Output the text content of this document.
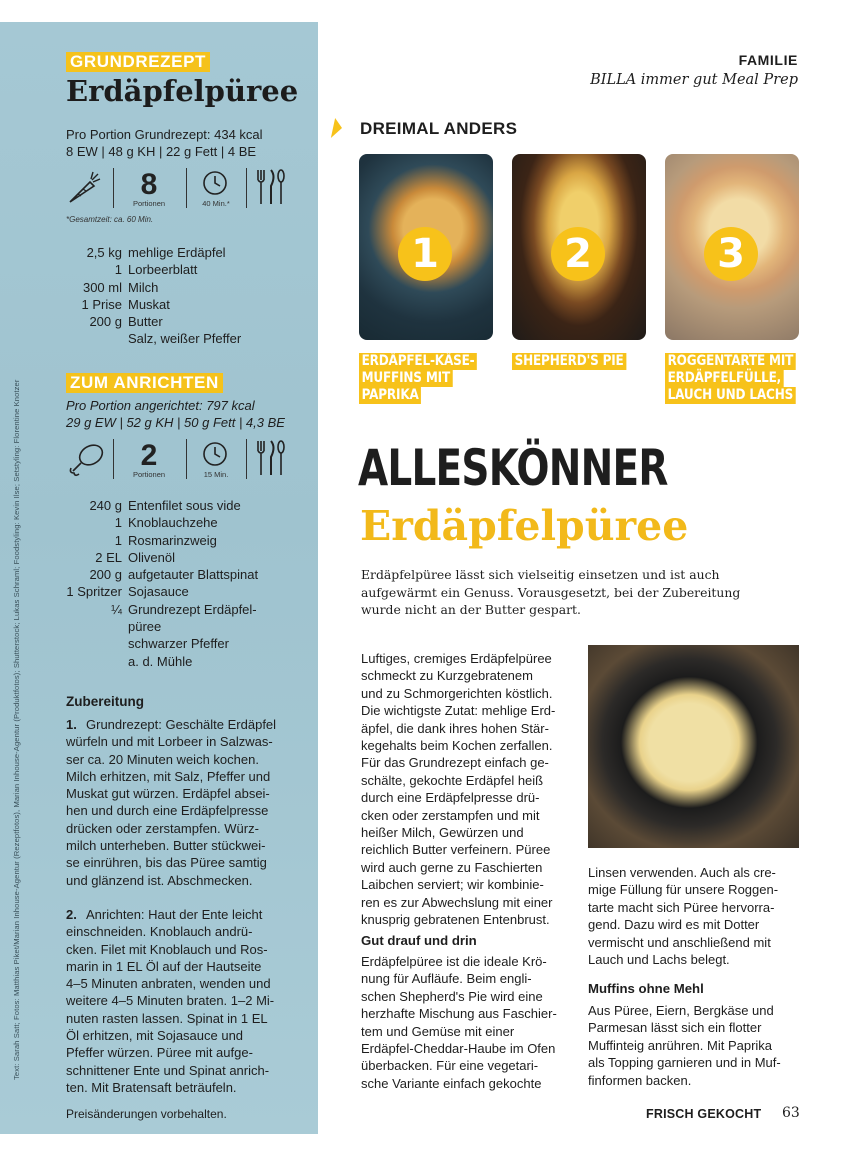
Text: Sarah Satt; Fotos: Matthias Piket/Marian Inhouse-Agentur (Rezeptfotos), Marian Inhouse-Agentur (Produktfotos); Shutterstock; Lukas Schraml; Foodstyling: Kevin Ilse; Setstyling: Florentine Knotzer
GRUNDREZEPT
Erdäpfelpüree
Pro Portion Grundrezept: 434 kcal
8 EW | 48 g KH | 22 g Fett | 4 BE
8
Portionen	40 Min.*
*Gesamtzeit: ca. 60 Min.
2,5 kg mehlige Erdäpfel
1 Lorbeerblatt
300 ml Milch
1 Prise Muskat
200 g Butter
Salz, weißer Pfeffer
ZUM ANRICHTEN
Pro Portion angerichtet: 797 kcal
29 g EW | 52 g KH | 50 g Fett | 4,3 BE
2
Portionen	15 Min.
240 g Entenfilet sous vide
1 Knoblauchzehe
1 Rosmarinzweig
2 EL Olivenöl
200 g aufgetauter Blattspinat
1 Spritzer Sojasauce
¼ Grundrezept Erdäpfel-
püree
schwarzer Pfeffer
a. d. Mühle
Zubereitung
1. Grundrezept: Geschälte Erdäpfel
würfeln und mit Lorbeer in Salzwas-
ser ca. 20 Minuten weich kochen.
Milch erhitzen, mit Salz, Pfeffer und
Muskat gut würzen. Erdäpfel absei-
hen und durch eine Erdäpfelpresse
drücken oder zerstampfen. Würz-
milch unterheben. Butter stückwei-
se einrühren, bis das Püree samtig
und glänzend ist. Abschmecken.
2. Anrichten: Haut der Ente leicht
einschneiden. Knoblauch andrü-
cken. Filet mit Knoblauch und Ros-
marin in 1 EL Öl auf der Hautseite
4–5 Minuten anbraten, wenden und
weitere 4–5 Minuten braten. 1–2 Mi-
nuten rasten lassen. Spinat in 1 EL
Öl erhitzen, mit Sojasauce und
Pfeffer würzen. Püree mit aufge-
schnittener Ente und Spinat anrich-
ten. Mit Bratensaft beträufeln.
Preisänderungen vorbehalten.
FAMILIE
BILLA immer gut Meal Prep
DREIMAL ANDERS
1	2	3
ERDÄPFEL-KÄSE-
MUFFINS MIT
PAPRIKA
SHEPHERD'S PIE	ROGGENTARTE MIT
ERDÄPFELFÜLLE,
LAUCH UND LACHS
ALLESKÖNNER
Erdäpfelpüree
Erdäpfelpüree lässt sich vielseitig einsetzen und ist auch
aufgewärmt ein Genuss. Vorausgesetzt, bei der Zubereitung
wurde nicht an der Butter gespart.
Luftiges, cremiges Erdäpfelpüree
schmeckt zu Kurzgebratenem
und zu Schmorgerichten köstlich.
Die wichtigste Zutat: mehlige Erd-
äpfel, die dank ihres hohen Stär-
kegehalts beim Kochen zerfallen.
Für das Grundrezept einfach ge-
schälte, gekochte Erdäpfel heiß
durch eine Erdäpfelpresse drü-
cken oder zerstampfen und mit
heißer Milch, Gewürzen und
reichlich Butter verfeinern. Püree
wird auch gerne zu Faschierten
Laibchen serviert; wir kombinie-
ren es zur Abwechslung mit einer
knusprig gebratenen Entenbrust.
Gut drauf und drin
Erdäpfelpüree ist die ideale Krö-
nung für Aufläufe. Beim engli-
schen Shepherd's Pie wird eine
herzhafte Mischung aus Faschier-
tem und Gemüse mit einer
Erdäpfel-Cheddar-Haube im Ofen
überbacken. Für eine vegetari-
sche Variante einfach gekochte
Linsen verwenden. Auch als cre-
mige Füllung für unsere Roggen-
tarte macht sich Püree hervorra-
gend. Dazu wird es mit Dotter
vermischt und anschließend mit
Lauch und Lachs belegt.
Muffins ohne Mehl
Aus Püree, Eiern, Bergkäse und
Parmesan lässt sich ein flotter
Muffinteig anrühren. Mit Paprika
als Topping garnieren und in Muf-
finformen backen.
FRISCH GEKOCHT 63
